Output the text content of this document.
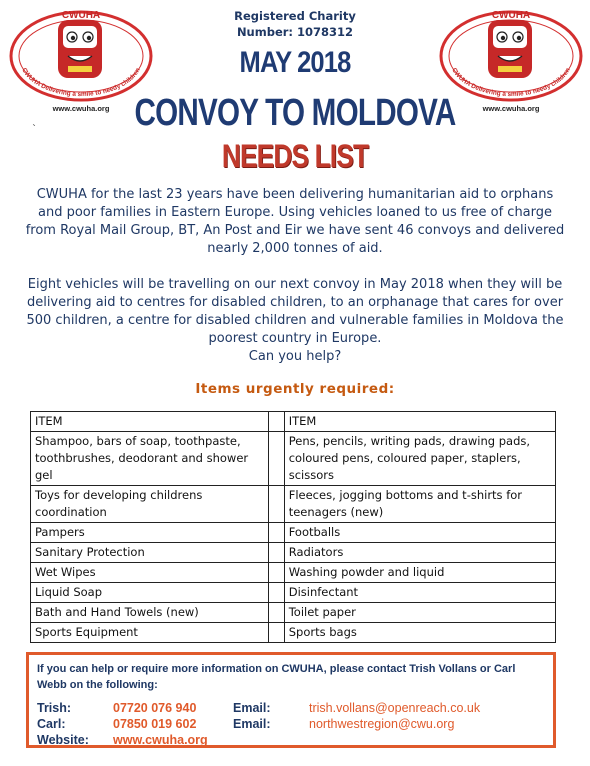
CWUHA
CWUHA Delivering a smile to needy children
www.cwuha.org
CWUHA
CWUHA Delivering a smile to needy children
www.cwuha.org
Registered Charity
Number: 1078312
MAY 2018
CONVOY TO MOLDOVA
NEEDS LIST
`
CWUHA for the last 23 years have been delivering humanitarian aid to orphans and poor families in Eastern Europe. Using vehicles loaned to us free of charge from Royal Mail Group, BT, An Post and Eir we have sent 46 convoys and delivered nearly 2,000 tonnes of aid.
Eight vehicles will be travelling on our next convoy in May 2018 when they will be delivering aid to centres for disabled children, to an orphanage that cares for over 500 children, a centre for disabled children and vulnerable families in Moldova the poorest country in Europe.
Can you help?
Items urgently required:
ITEM		ITEM
Shampoo, bars of soap, toothpaste, toothbrushes, deodorant and shower gel		Pens, pencils, writing pads, drawing pads, coloured pens, coloured paper, staplers, scissors
Toys for developing childrens coordination		Fleeces, jogging bottoms and t-shirts for teenagers (new)
Pampers		Footballs
Sanitary Protection		Radiators
Wet Wipes		Washing powder and liquid
Liquid Soap		Disinfectant
Bath and Hand Towels (new)		Toilet paper
Sports Equipment		Sports bags
If you can help or require more information on CWUHA, please contact Trish Vollans or Carl Webb on the following:
Trish:	07720 076 940	Email:	trish.vollans@openreach.co.uk
Carl:	07850 019 602	Email:	northwestregion@cwu.org
Website: www.cwuha.org
